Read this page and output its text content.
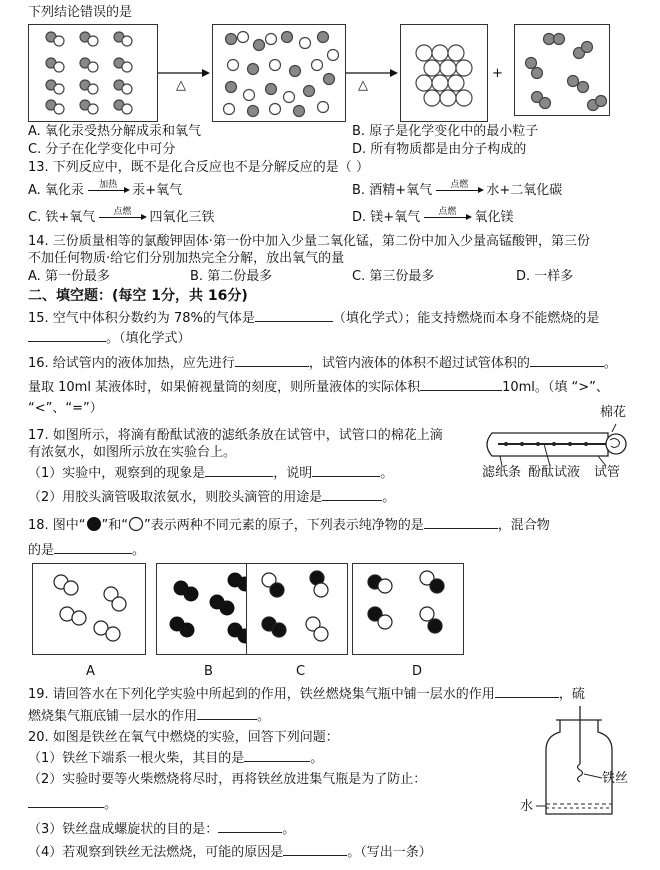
下列结论错误的是
△	△
+
A. 氧化汞受热分解成汞和氧气	B. 原子是化学变化中的最小粒子
C. 分子在化学变化中可分	D. 所有物质都是由分子构成的
13. 下列反应中，既不是化合反应也不是分解反应的是（ ）
A. 氧化汞	加热	汞+氧气	B. 酒精+氧气	点燃	水+二氧化碳
C. 铁+氧气	点燃	四氧化三铁	D. 镁+氧气	点燃	氧化镁
14. 三份质量相等的氯酸钾固体·第一份中加入少量二氧化锰，第二份中加入少量高锰酸钾，第三份
不加任何物质·给它们分别加热完全分解，放出氧气的量
A. 第一份最多	B. 第二份最多	C. 第三份最多	D. 一样多
二、填空题：(每空 1分，共 16分)
15. 空气中体积分数约为 78%的气体是	（填化学式）；能支持燃烧而本身不能燃烧的是
。（填化学式）
16. 给试管内的液体加热，应先进行	，试管内液体的体积不超过试管体积的	。
量取 10ml 某液体时，如果俯视量筒的刻度，则所量液体的实际体积	10ml。（填 “>”、
“<”、“=”）
17. 如图所示，将滴有酚酞试液的滤纸条放在试管中，试管口的棉花上滴
有浓氨水，如图所示放在实验台上。
（1）实验中，观察到的现象是	，说明	。
（2）用胶头滴管吸取浓氨水，则胶头滴管的用途是	。
棉花
滤纸条 酚酞试液 试管
18. 图中“ ”和“ ”表示两种不同元素的原子，下列表示纯净物的是	，混合物
的是	。
A	B	C	D
19. 请回答水在下列化学实验中所起到的作用，铁丝燃烧集气瓶中铺一层水的作用	，硫
燃烧集气瓶底铺一层水的作用	。
20. 如图是铁丝在氧气中燃烧的实验，回答下列问题：
（1）铁丝下端系一根火柴，其目的是	。
（2）实验时要等火柴燃烧将尽时，再将铁丝放进集气瓶是为了防止：
。
（3）铁丝盘成螺旋状的目的是：	。
（4）若观察到铁丝无法燃烧，可能的原因是	。（写出一条）
铁丝
水
